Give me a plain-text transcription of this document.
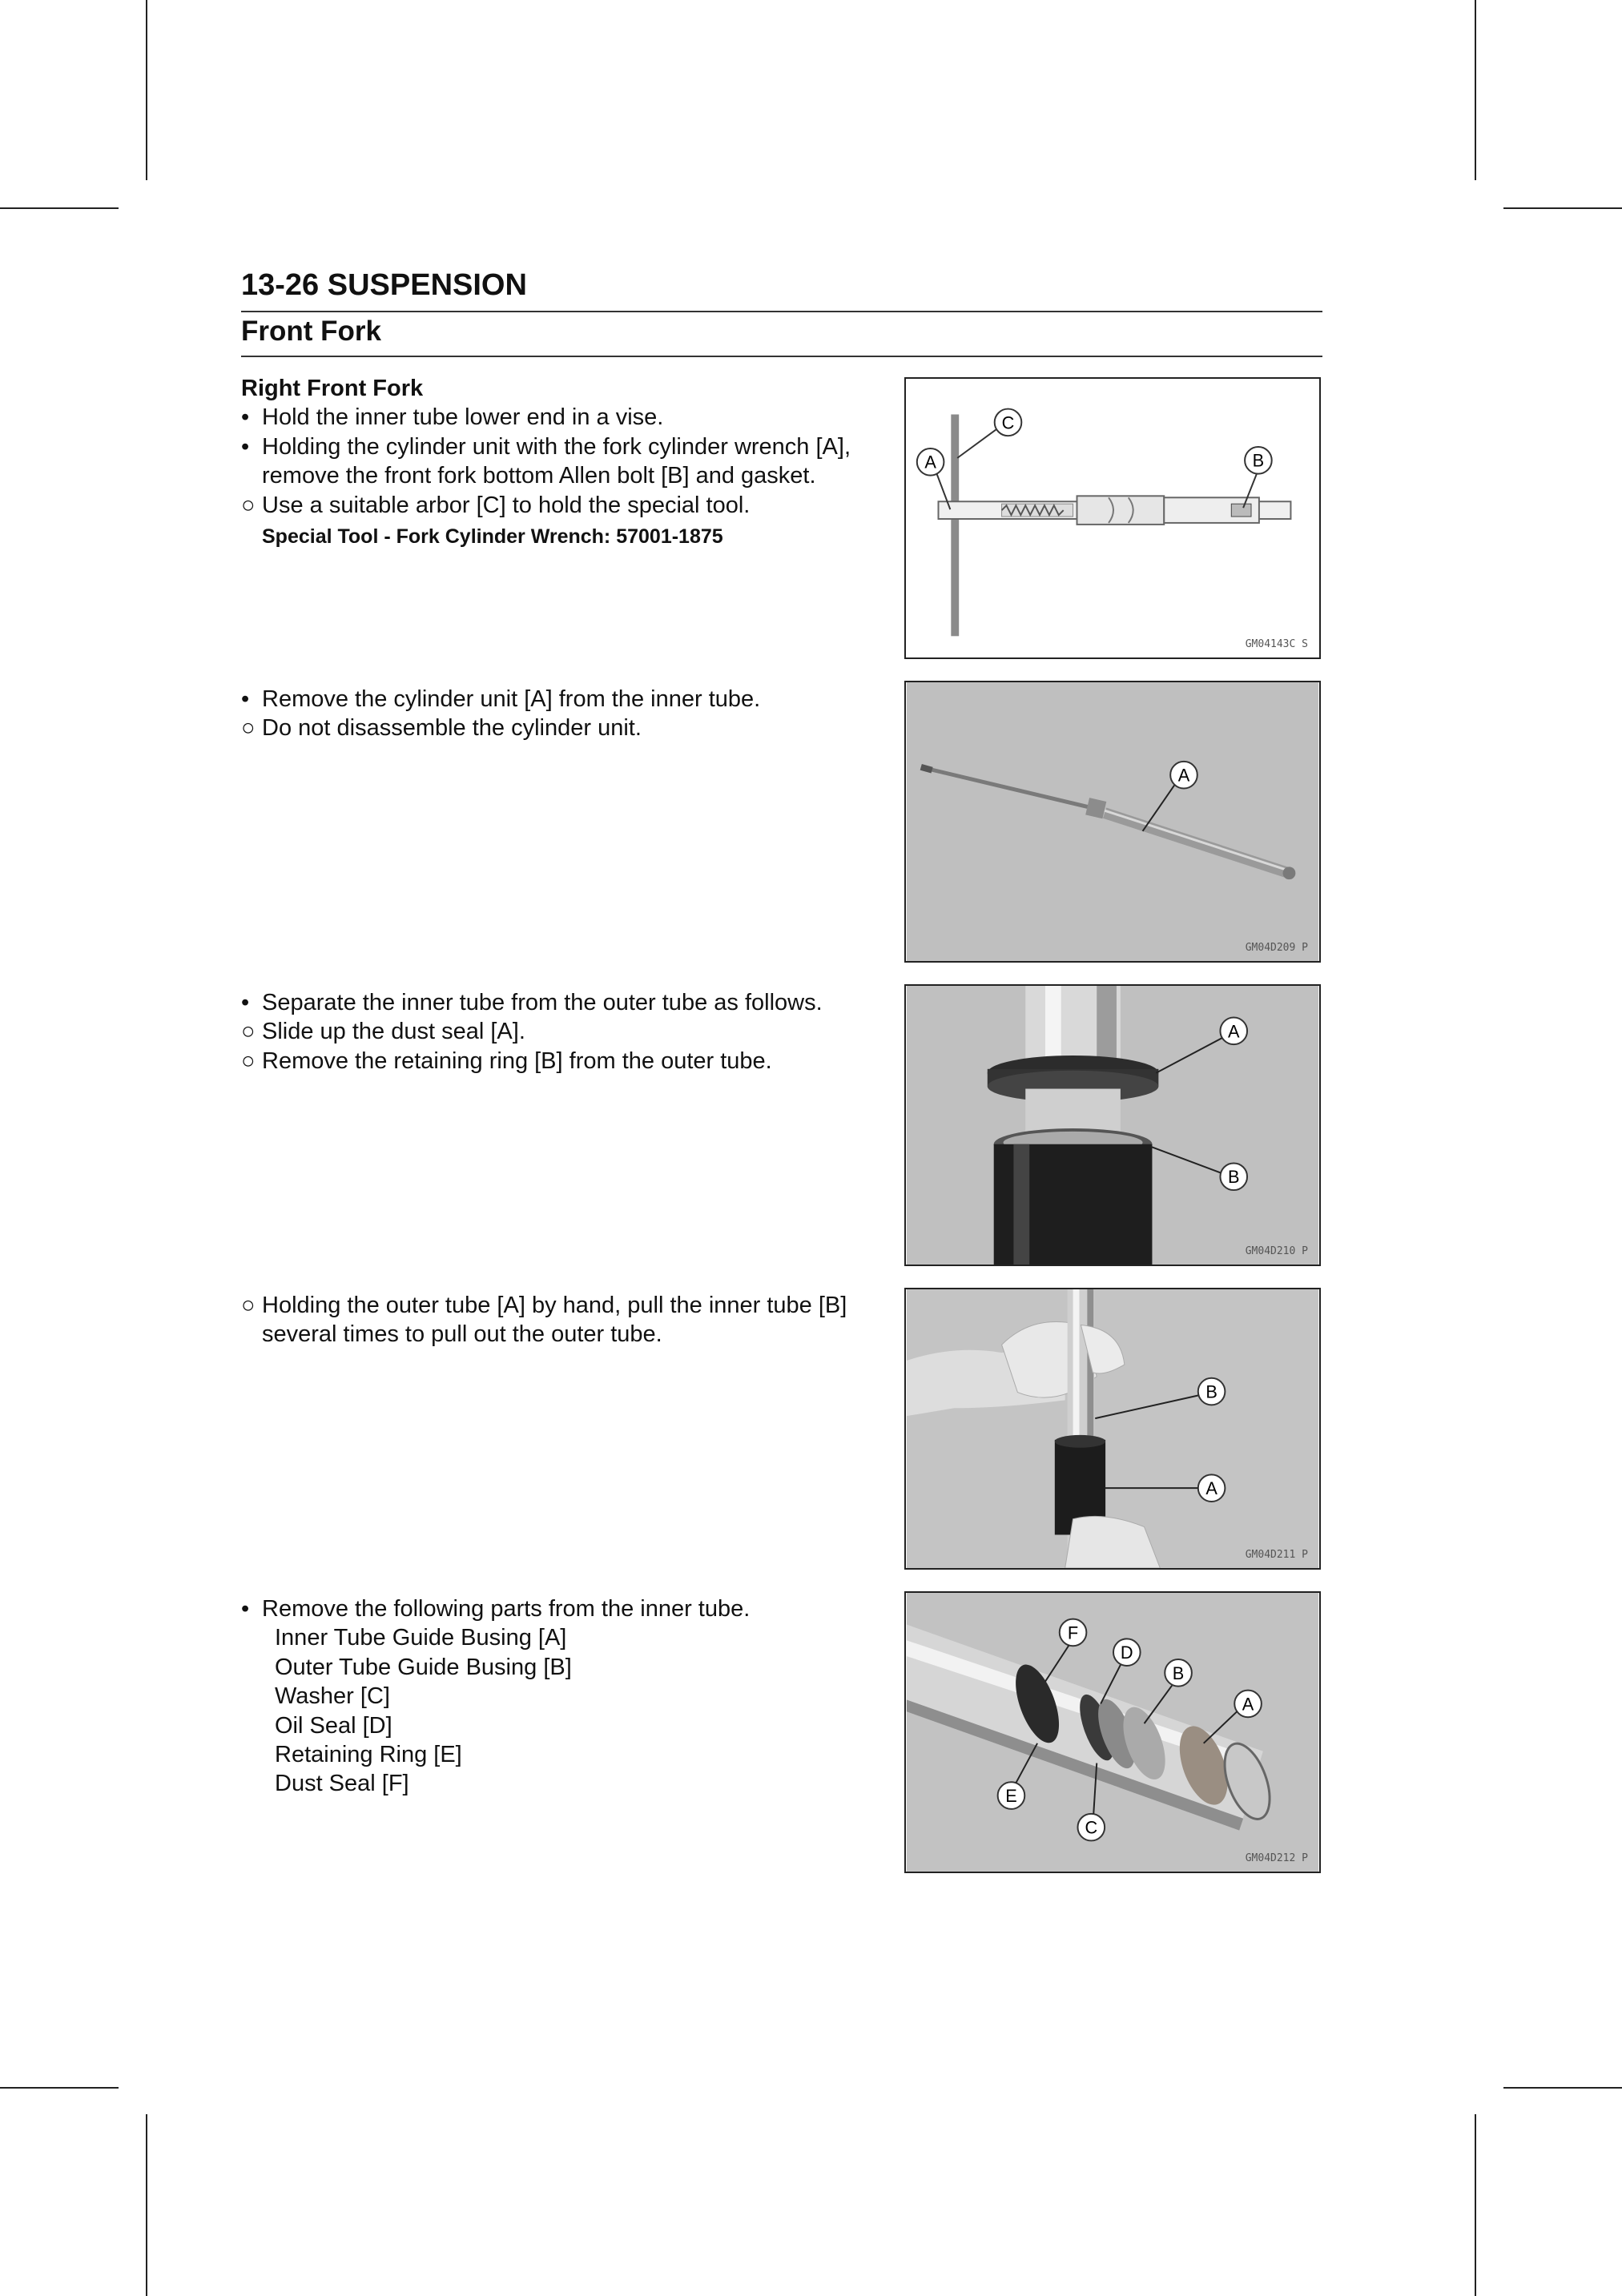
13-26 SUSPENSION
Front Fork
Right Front Fork
• Hold the inner tube lower end in a vise.
• Holding the cylinder unit with the fork cylinder wrench [A],
remove the front fork bottom Allen bolt [B] and gasket.
○ Use a suitable arbor [C] to hold the special tool.
Special Tool - Fork Cylinder Wrench: 57001-1875
A	B
C
GM04143C S
• Remove the cylinder unit [A] from the inner tube.
○ Do not disassemble the cylinder unit.
A
GM04D209 P
• Separate the inner tube from the outer tube as follows.
○ Slide up the dust seal [A].
○ Remove the retaining ring [B] from the outer tube.
A
B
GM04D210 P
○ Holding the outer tube [A] by hand, pull the inner tube [B]
several times to pull out the outer tube.
B
A
GM04D211 P
• Remove the following parts from the inner tube.
Inner Tube Guide Busing [A]
Outer Tube Guide Busing [B]
Washer [C]
Oil Seal [D]
Retaining Ring [E]
Dust Seal [F]
F
D
B
A
E
C
GM04D212 P
